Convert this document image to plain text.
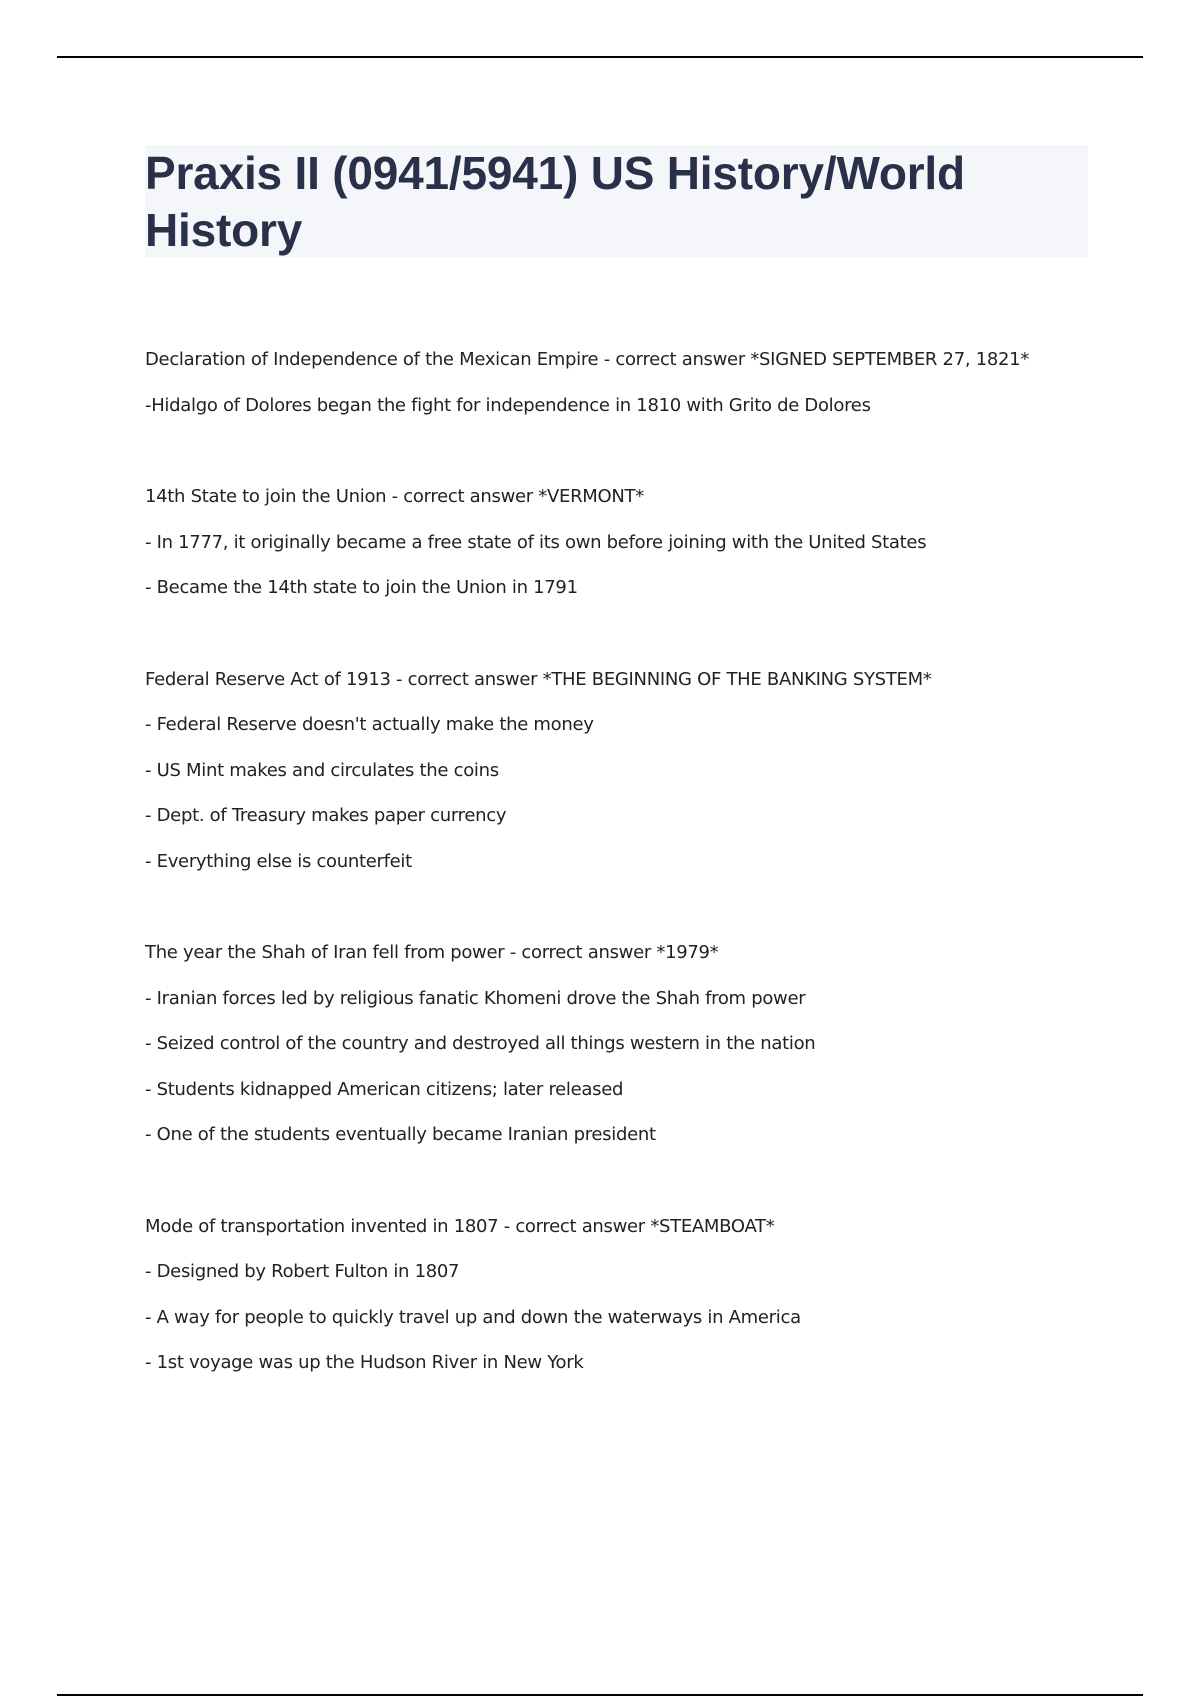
Praxis II (0941/5941) US History/World History

Declaration of Independence of the Mexican Empire - correct answer *SIGNED SEPTEMBER 27, 1821*

-Hidalgo of Dolores began the fight for independence in 1810 with Grito de Dolores

14th State to join the Union - correct answer *VERMONT*

- In 1777, it originally became a free state of its own before joining with the United States

- Became the 14th state to join the Union in 1791

Federal Reserve Act of 1913 - correct answer *THE BEGINNING OF THE BANKING SYSTEM*

- Federal Reserve doesn't actually make the money

- US Mint makes and circulates the coins

- Dept. of Treasury makes paper currency

- Everything else is counterfeit

The year the Shah of Iran fell from power - correct answer *1979*

- Iranian forces led by religious fanatic Khomeni drove the Shah from power

- Seized control of the country and destroyed all things western in the nation

- Students kidnapped American citizens; later released

- One of the students eventually became Iranian president

Mode of transportation invented in 1807 - correct answer *STEAMBOAT*

- Designed by Robert Fulton in 1807

- A way for people to quickly travel up and down the waterways in America

- 1st voyage was up the Hudson River in New York
